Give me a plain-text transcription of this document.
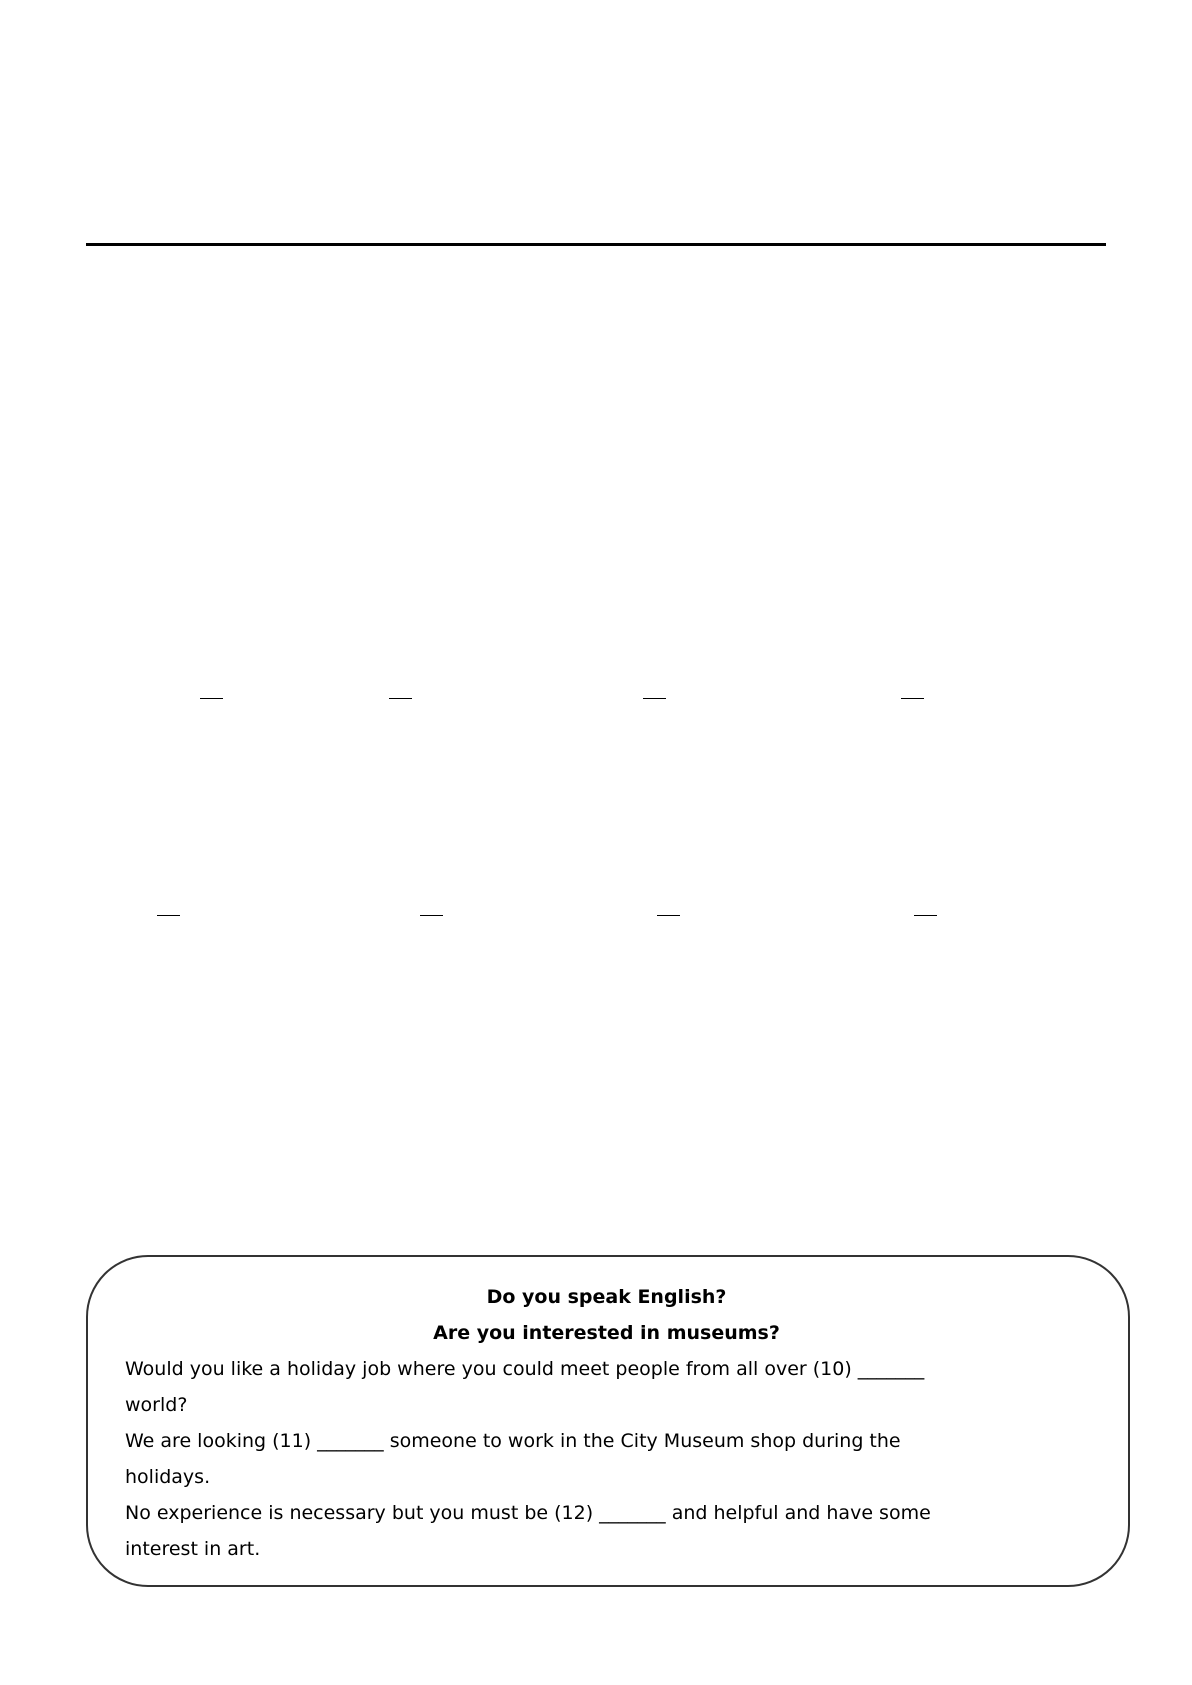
Do you speak English?

Are you interested in museums?

Would you like a holiday job where you could meet people from all over (10) _______

world?

We are looking (11) _______ someone to work in the City Museum shop during the

holidays.

No experience is necessary but you must be (12) _______ and helpful and have some

interest in art.
